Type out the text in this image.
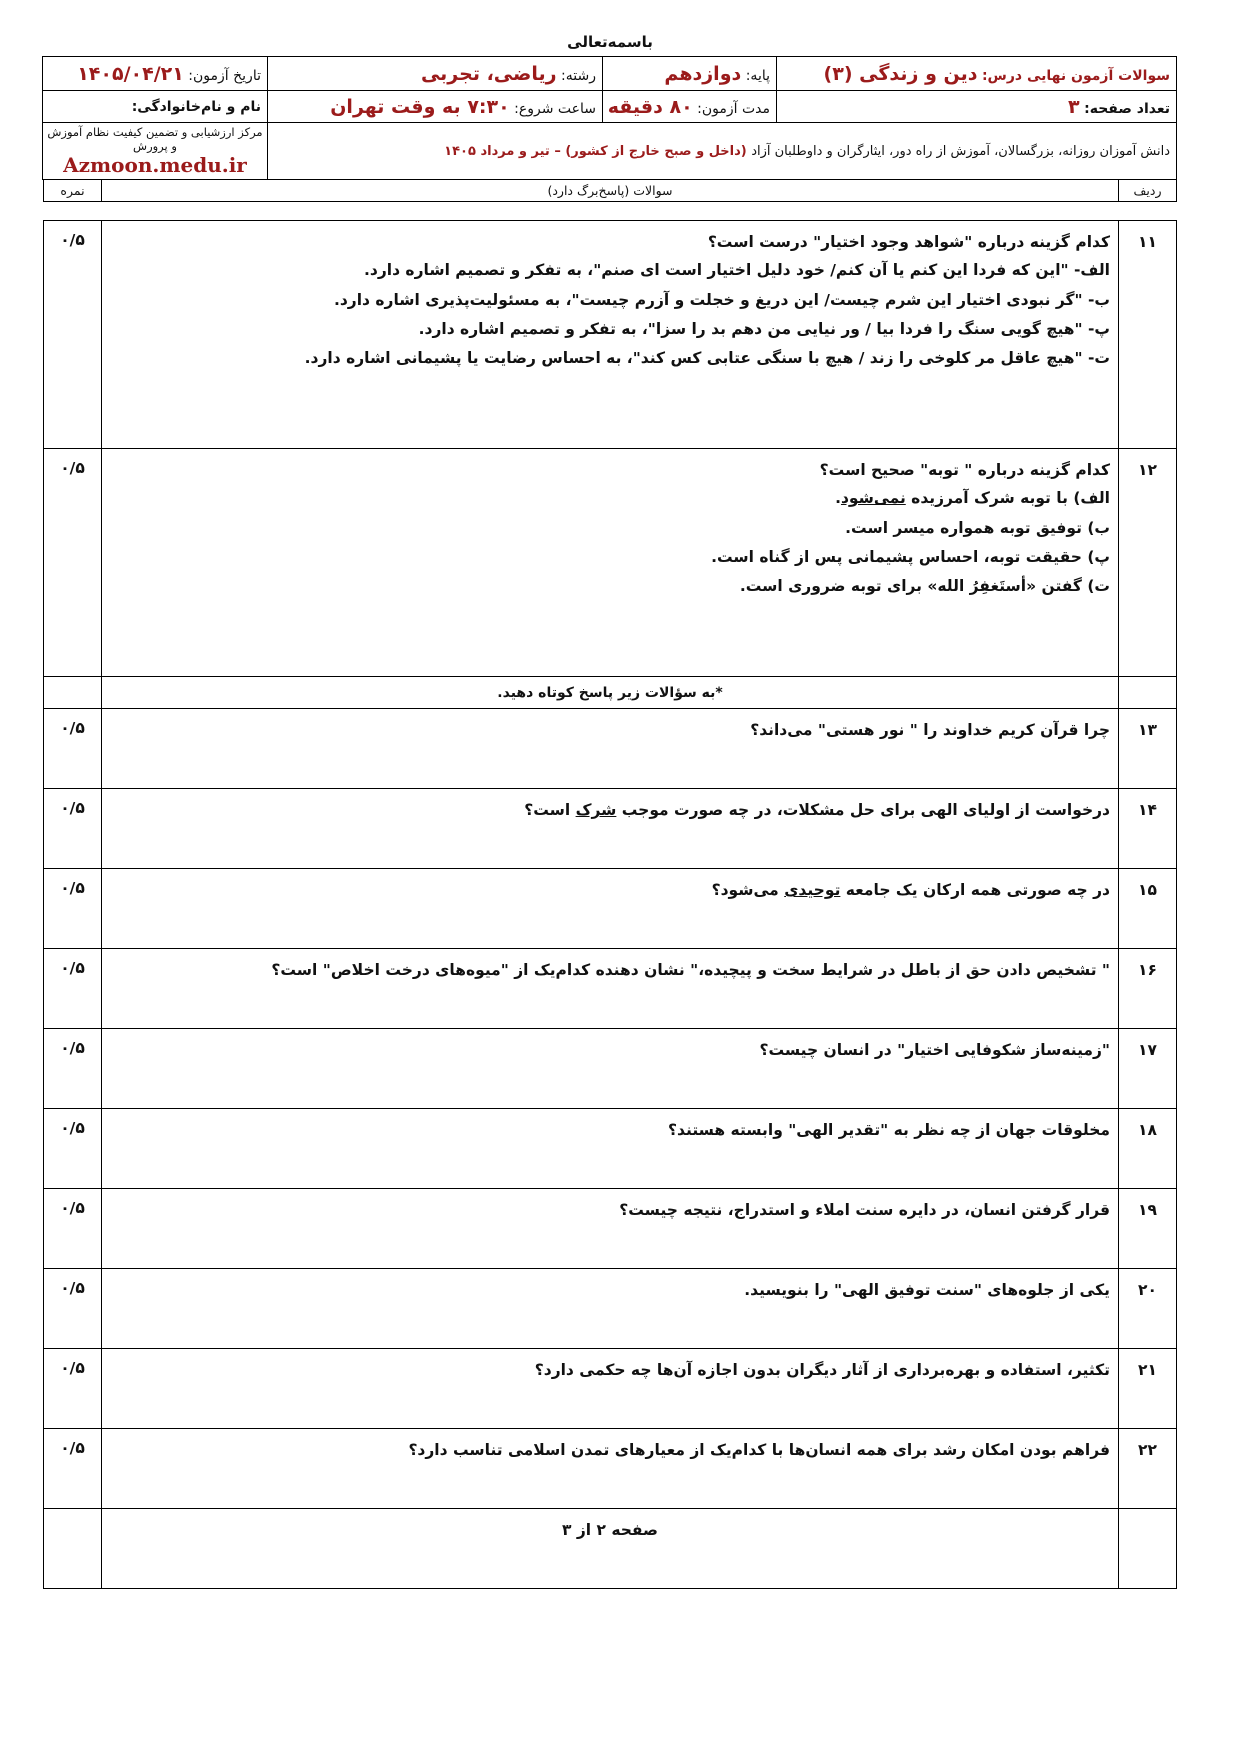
باسمه‌تعالی
سوالات آزمون نهایی درس: دین و زندگی (۳)	پایه: دوازدهم	رشته: ریاضی، تجربی	تاریخ آزمون: ۱۴۰۵/۰۴/۲۱
تعداد صفحه: ۳	مدت آزمون: ۸۰ دقیقه	ساعت شروع: ۷:۳۰ به وقت تهران	نام و نام‌خانوادگی:
دانش آموزان روزانه، بزرگسالان، آموزش از راه دور، ایثارگران و داوطلبان آزاد (داخل و صبح خارج از کشور) – تیر و مرداد ۱۴۰۵			مرکز ارزشیابی و تضمین کیفیت نظام آموزش و پرورش
Azmoon.medu.ir
ردیف	سوالات (پاسخ‌برگ دارد)	نمره
۱۱	کدام گزینه درباره "شواهد وجود اختیار" درست است؟
الف- "این که فردا این کنم یا آن کنم/ خود دلیل اختیار است ای صنم"، به تفکر و تصمیم اشاره دارد.
ب- "گر نبودی اختیار این شرم چیست/ این دریغ و خجلت و آزرم چیست"، به مسئولیت‌پذیری اشاره دارد.
پ- "هیچ گویی سنگ را فردا بیا / ور نیایی من دهم بد را سزا"، به تفکر و تصمیم اشاره دارد.
ت- "هیچ عاقل مر کلوخی را زند / هیچ با سنگی عتابی کس کند"، به احساس رضایت یا پشیمانی اشاره دارد.	۰/۵
۱۲	کدام گزینه درباره " توبه" صحیح است؟
الف) با توبه شرک آمرزیده نمی‌شود.
ب) توفیق توبه همواره میسر است.
پ) حقیقت توبه، احساس پشیمانی پس از گناه است.
ت) گفتن «أستَغفِرُ الله» برای توبه ضروری است.	۰/۵
	*به سؤالات زیر پاسخ کوتاه دهید.	
۱۳	چرا قرآن کریم خداوند را " نور هستی" می‌داند؟	۰/۵
۱۴	درخواست از اولیای الهی برای حل مشکلات، در چه صورت موجب شرک است؟	۰/۵
۱۵	در چه صورتی همه ارکان یک جامعه توحیدی می‌شود؟	۰/۵
۱۶	" تشخیص دادن حق از باطل در شرایط سخت و پیچیده،" نشان دهنده کدام‌یک از "میوه‌های درخت اخلاص" است؟	۰/۵
۱۷	"زمینه‌ساز شکوفایی اختیار" در انسان چیست؟	۰/۵
۱۸	مخلوقات جهان از چه نظر به "تقدیر الهی" وابسته هستند؟	۰/۵
۱۹	قرار گرفتن انسان، در دایره سنت املاء و استدراج، نتیجه چیست؟	۰/۵
۲۰	یکی از جلوه‌های "سنت توفیق الهی" را بنویسید.	۰/۵
۲۱	تکثیر، استفاده و بهره‌برداری از آثار دیگران بدون اجازه آن‌ها چه حکمی دارد؟	۰/۵
۲۲	فراهم بودن امکان رشد برای همه انسان‌ها با کدام‌یک از معیارهای تمدن اسلامی تناسب دارد؟	۰/۵
	صفحه ۲ از ۳	
